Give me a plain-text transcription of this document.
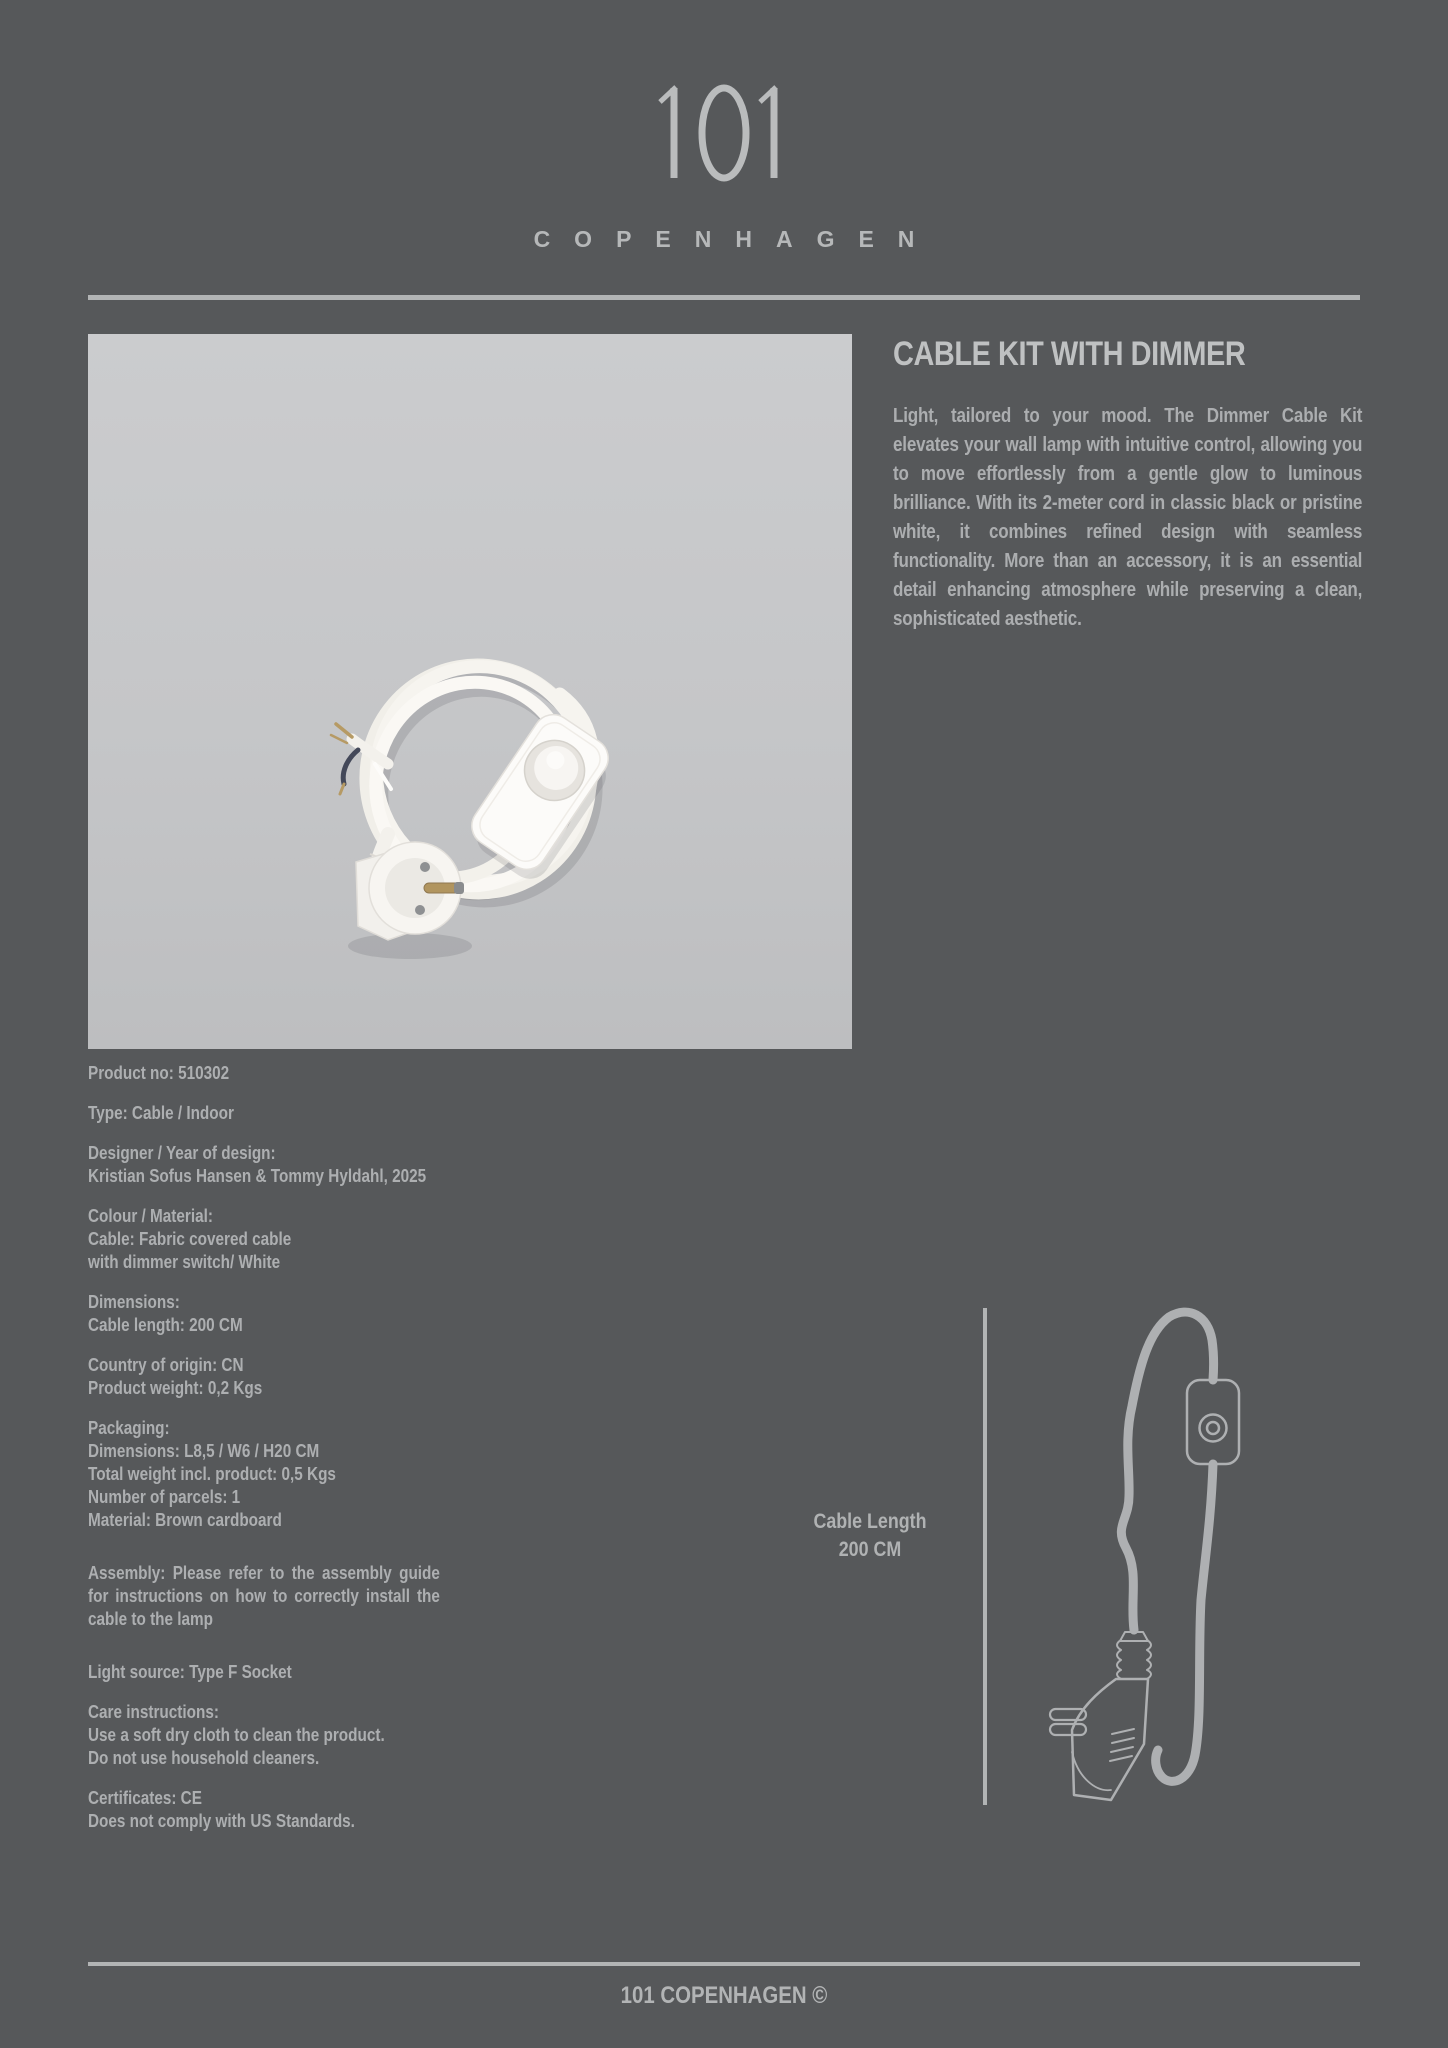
COPENHAGEN
CABLE KIT WITH DIMMER

Light, tailored to your mood. The Dimmer Cable Kit elevates your wall lamp with intuitive control, allowing you to move effortlessly from a gentle glow to luminous brilliance. With its 2-meter cord in classic black or pristine white, it combines refined design with seamless functionality. More than an accessory, it is an essential detail enhancing atmosphere while preserving a clean, sophisticated aesthetic.

Product no: 510302
Type: Cable / Indoor
Designer / Year of design:
Kristian Sofus Hansen & Tommy Hyldahl, 2025
Colour / Material:
Cable: Fabric covered cable
with dimmer switch/ White
Dimensions:
Cable length: 200 CM
Country of origin: CN
Product weight: 0,2 Kgs
Packaging:
Dimensions: L8,5 / W6 / H20 CM
Total weight incl. product: 0,5 Kgs
Number of parcels: 1
Material: Brown cardboard
Assembly: Please refer to the assembly guide for instructions on how to correctly install the cable to the lamp
Light source: Type F Socket
Care instructions:
Use a soft dry cloth to clean the product.
Do not use household cleaners.
Certificates: CE
Does not comply with US Standards.
Cable Length
200 CM
101 COPENHAGEN ©
